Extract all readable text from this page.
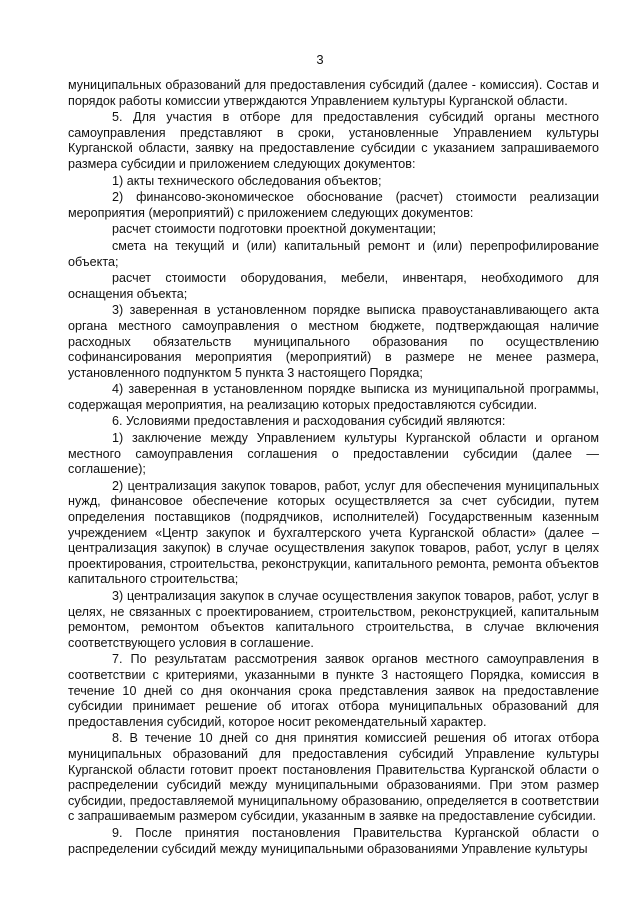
3

муниципальных образований для предоставления субсидий (далее - комиссия). Состав и порядок работы комиссии утверждаются Управлением культуры Курганской области.

5. Для участия в отборе для предоставления субсидий органы местного самоуправления представляют в сроки, установленные Управлением культуры Курганской области, заявку на предоставление субсидии с указанием запрашиваемого размера субсидии и приложением следующих документов:

1) акты технического обследования объектов;

2) финансово-экономическое обоснование (расчет) стоимости реализации мероприятия (мероприятий) с приложением следующих документов:

расчет стоимости подготовки проектной документации;

смета на текущий и (или) капитальный ремонт и (или) перепрофилирование объекта;

расчет стоимости оборудования, мебели, инвентаря, необходимого для оснащения объекта;

3) заверенная в установленном порядке выписка правоустанавливающего акта органа местного самоуправления о местном бюджете, подтверждающая наличие расходных обязательств муниципального образования по осуществлению софинансирования мероприятия (мероприятий) в размере не менее размера, установленного подпунктом 5 пункта 3 настоящего Порядка;

4) заверенная в установленном порядке выписка из муниципальной программы, содержащая мероприятия, на реализацию которых предоставляются субсидии.

6. Условиями предоставления и расходования субсидий являются:

1) заключение между Управлением культуры Курганской области и органом местного самоуправления соглашения о предоставлении субсидии (далее — соглашение);

2) централизация закупок товаров, работ, услуг для обеспечения муниципальных нужд, финансовое обеспечение которых осуществляется за счет субсидии, путем определения поставщиков (подрядчиков, исполнителей) Государственным казенным учреждением «Центр закупок и бухгалтерского учета Курганской области» (далее – централизация закупок) в случае осуществления закупок товаров, работ, услуг в целях проектирования, строительства, реконструкции, капитального ремонта, ремонта объектов капитального строительства;

3) централизация закупок в случае осуществления закупок товаров, работ, услуг в целях, не связанных с проектированием, строительством, реконструкцией, капитальным ремонтом, ремонтом объектов капитального строительства, в случае включения соответствующего условия в соглашение.

7. По результатам рассмотрения заявок органов местного самоуправления в соответствии с критериями, указанными в пункте 3 настоящего Порядка, комиссия в течение 10 дней со дня окончания срока представления заявок на предоставление субсидии принимает решение об итогах отбора муниципальных образований для предоставления субсидий, которое носит рекомендательный характер.

8. В течение 10 дней со дня принятия комиссией решения об итогах отбора муниципальных образований для предоставления субсидий Управление культуры Курганской области готовит проект постановления Правительства Курганской области о распределении субсидий между муниципальными образованиями. При этом размер субсидии, предоставляемой муниципальному образованию, определяется в соответствии с запрашиваемым размером субсидии, указанным в заявке на предоставление субсидии.

9. После принятия постановления Правительства Курганской области о распределении субсидий между муниципальными образованиями Управление культуры
